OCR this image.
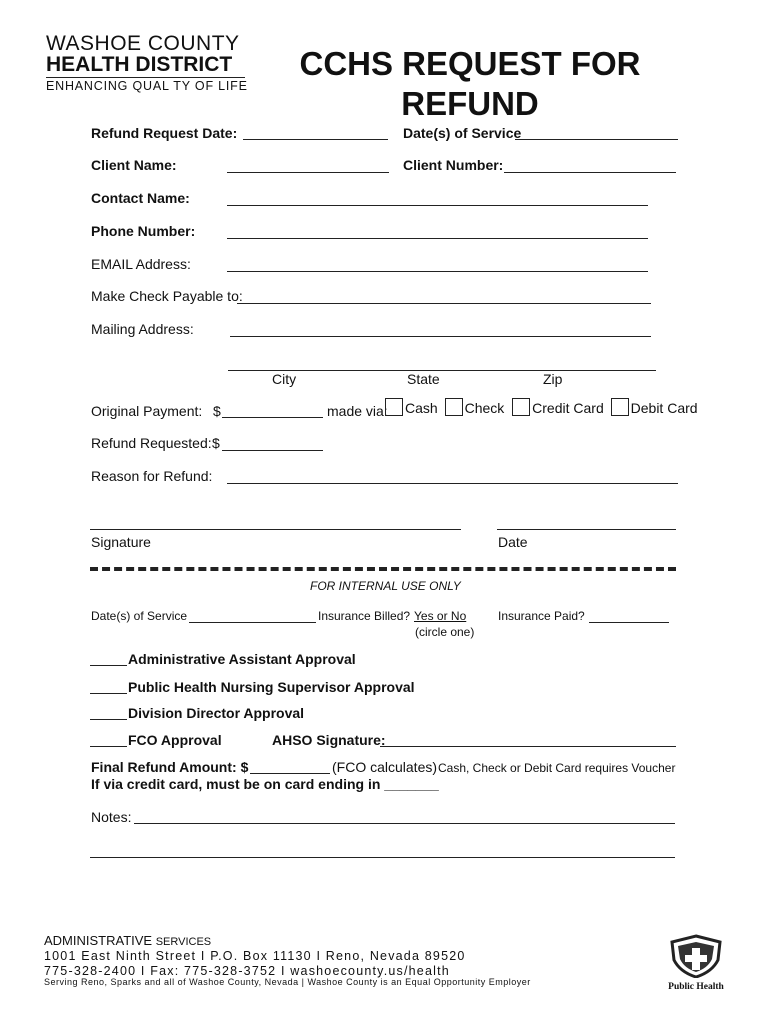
WASHOE COUNTY
HEALTH DISTRICT
ENHANCING QUAL TY OF LIFE
CCHS REQUEST FOR REFUND
Refund Request Date:	Date(s) of Service
Client Name:	Client Number:
Contact Name:
Phone Number:
EMAIL Address:
Make Check Payable to:
Mailing Address:
City	State	Zip
Original Payment: $	made via:	Cash Check Credit Card Debit Card
Refund Requested: $
Reason for Refund:
Signature	Date
FOR INTERNAL USE ONLY
Date(s) of Service	Insurance Billed? Yes or No
(circle one)
Insurance Paid?
Administrative Assistant Approval
Public Health Nursing Supervisor Approval
Division Director Approval
FCO Approval	AHSO Signature:
Final Refund Amount: $	(FCO calculates) Cash, Check or Debit Card requires Voucher
If via credit card, must be on card ending in _______
Notes:
ADMINISTRATIVE SERVICES
1001 East Ninth Street I P.O. Box 11130 I Reno, Nevada 89520
775-328-2400 I Fax: 775-328-3752 I washoecounty.us/health
Serving Reno, Sparks and all of Washoe County, Nevada | Washoe County is an Equal Opportunity Employer	Public Health
